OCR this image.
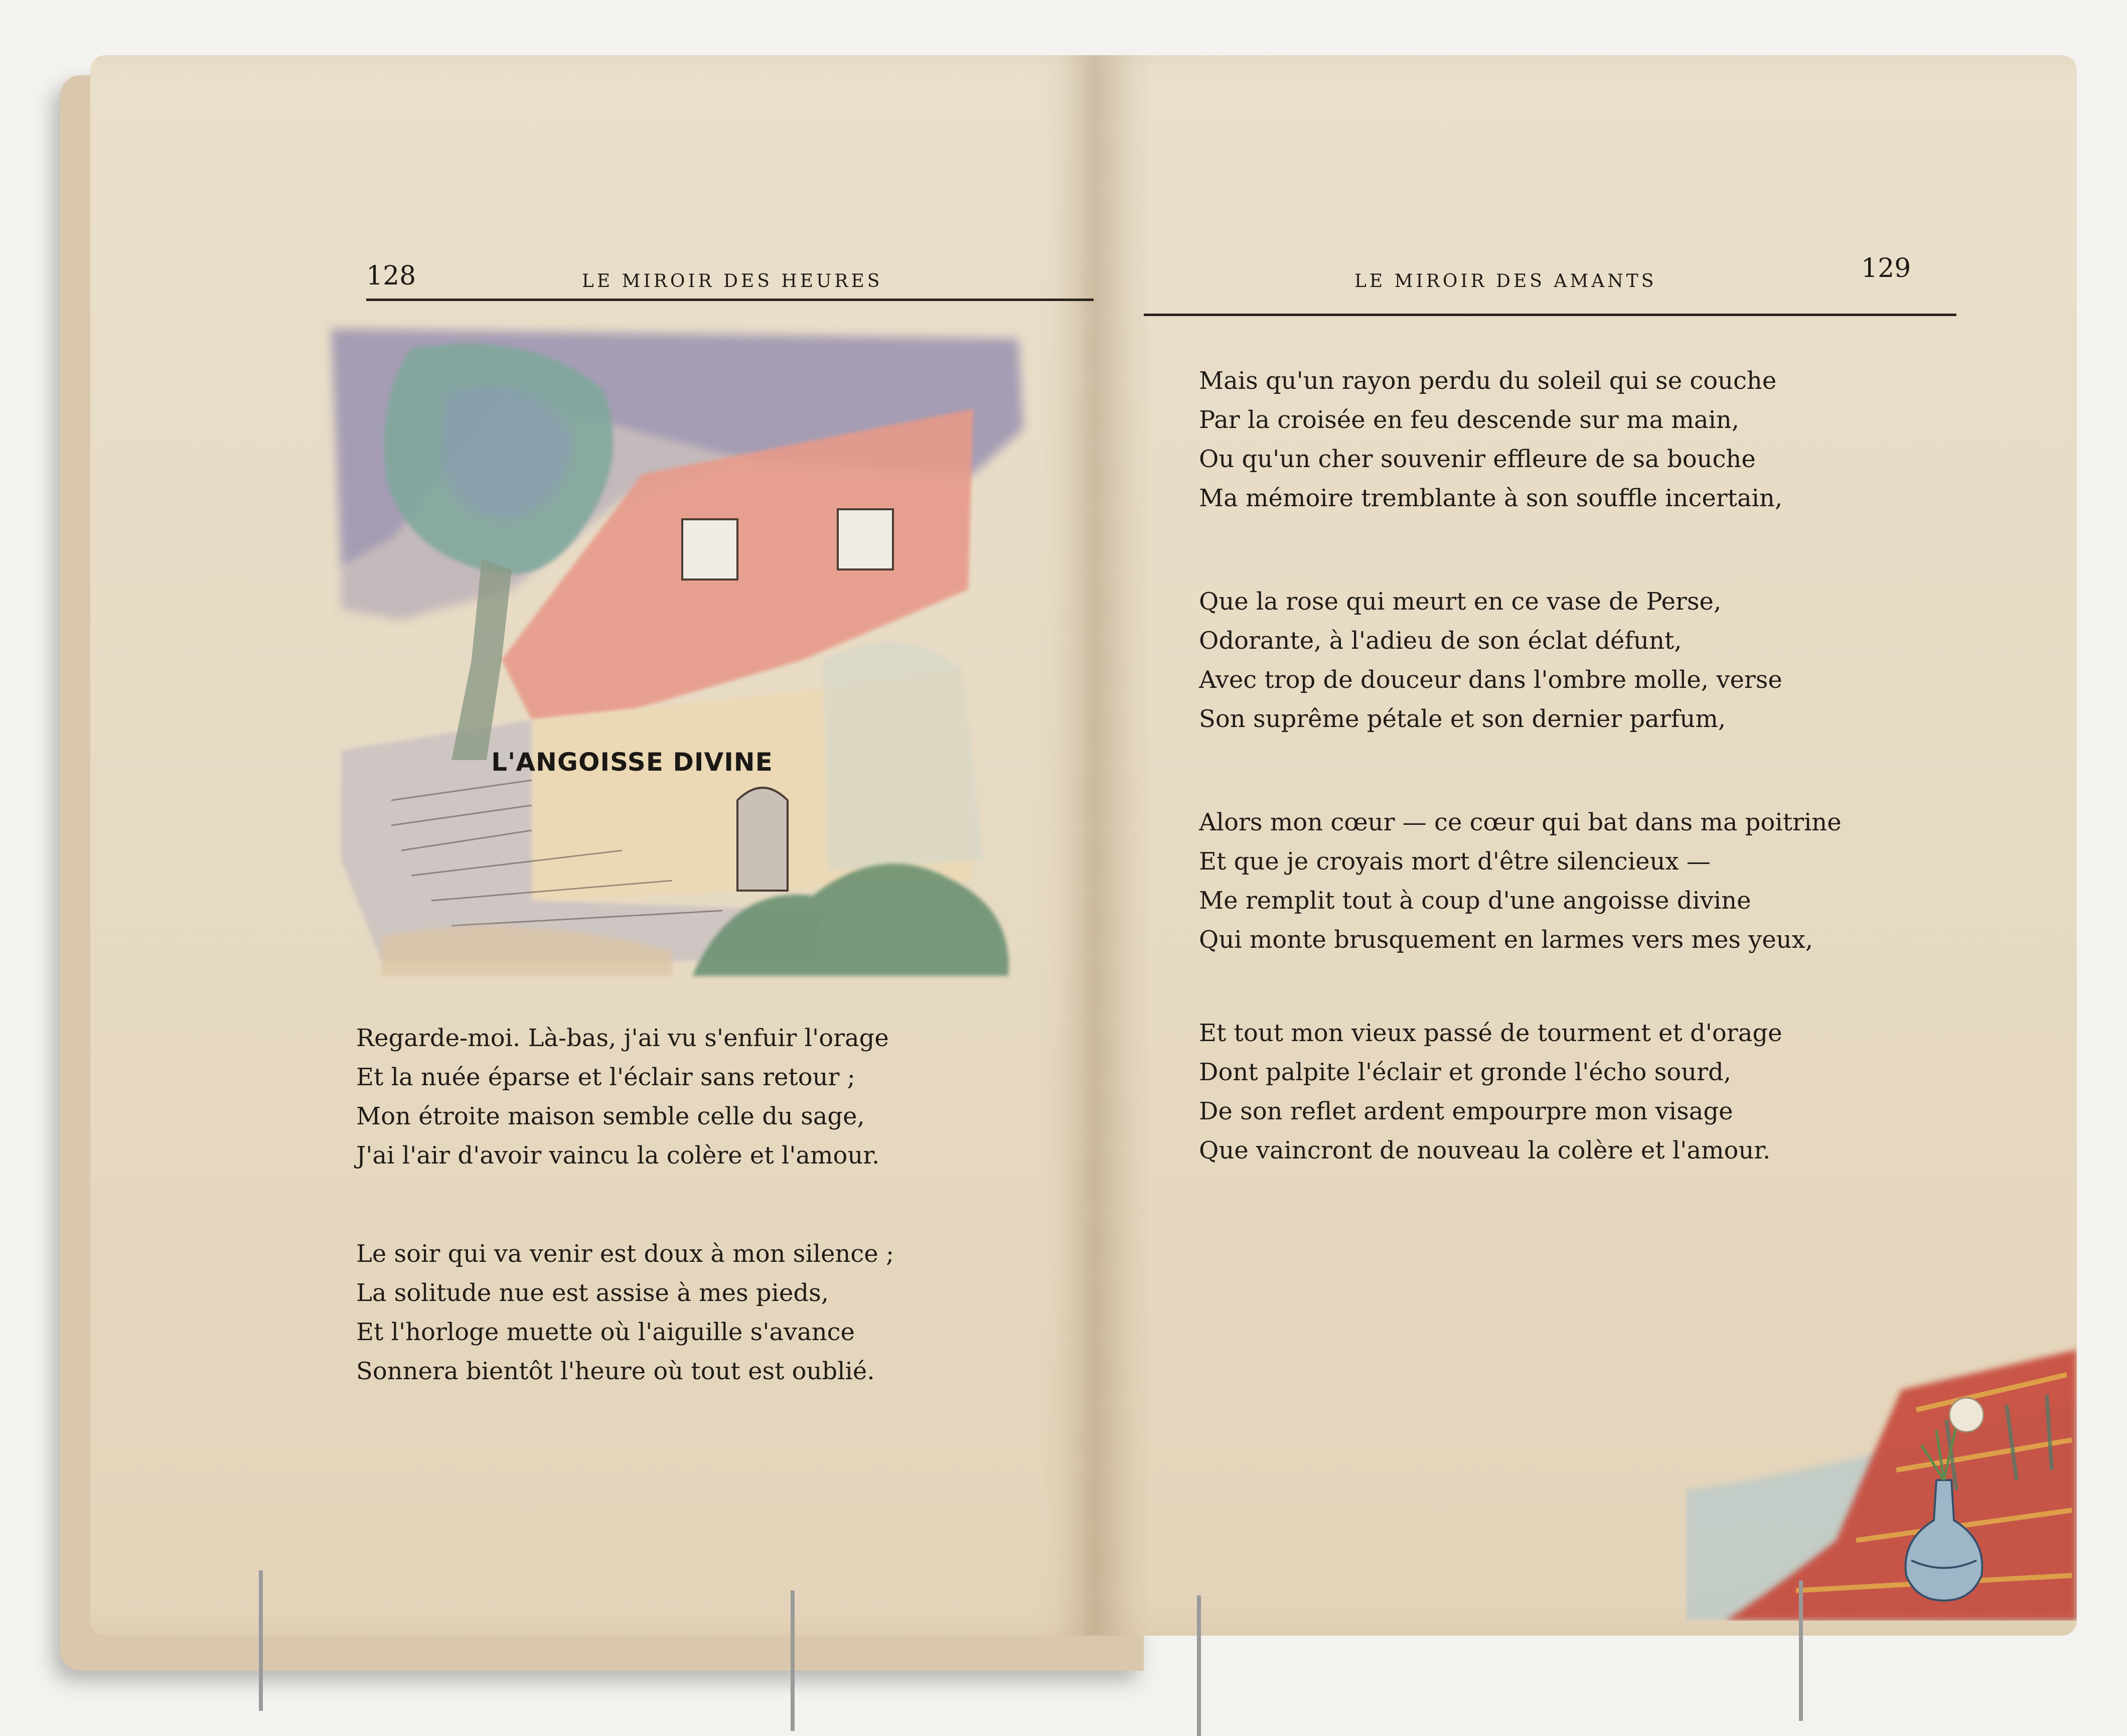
128	LE MIROIR DES HEURES
L'ANGOISSE DIVINE
Regarde-moi. Là-bas, j'ai vu s'enfuir l'orage
Et la nuée éparse et l'éclair sans retour ;
Mon étroite maison semble celle du sage,
J'ai l'air d'avoir vaincu la colère et l'amour.
Le soir qui va venir est doux à mon silence ;
La solitude nue est assise à mes pieds,
Et l'horloge muette où l'aiguille s'avance
Sonnera bientôt l'heure où tout est oublié.
LE MIROIR DES AMANTS	129
Mais qu'un rayon perdu du soleil qui se couche
Par la croisée en feu descende sur ma main,
Ou qu'un cher souvenir effleure de sa bouche
Ma mémoire tremblante à son souffle incertain,
Que la rose qui meurt en ce vase de Perse,
Odorante, à l'adieu de son éclat défunt,
Avec trop de douceur dans l'ombre molle, verse
Son suprême pétale et son dernier parfum,
Alors mon cœur — ce cœur qui bat dans ma poitrine
Et que je croyais mort d'être silencieux —
Me remplit tout à coup d'une angoisse divine
Qui monte brusquement en larmes vers mes yeux,
Et tout mon vieux passé de tourment et d'orage
Dont palpite l'éclair et gronde l'écho sourd,
De son reflet ardent empourpre mon visage
Que vaincront de nouveau la colère et l'amour.
